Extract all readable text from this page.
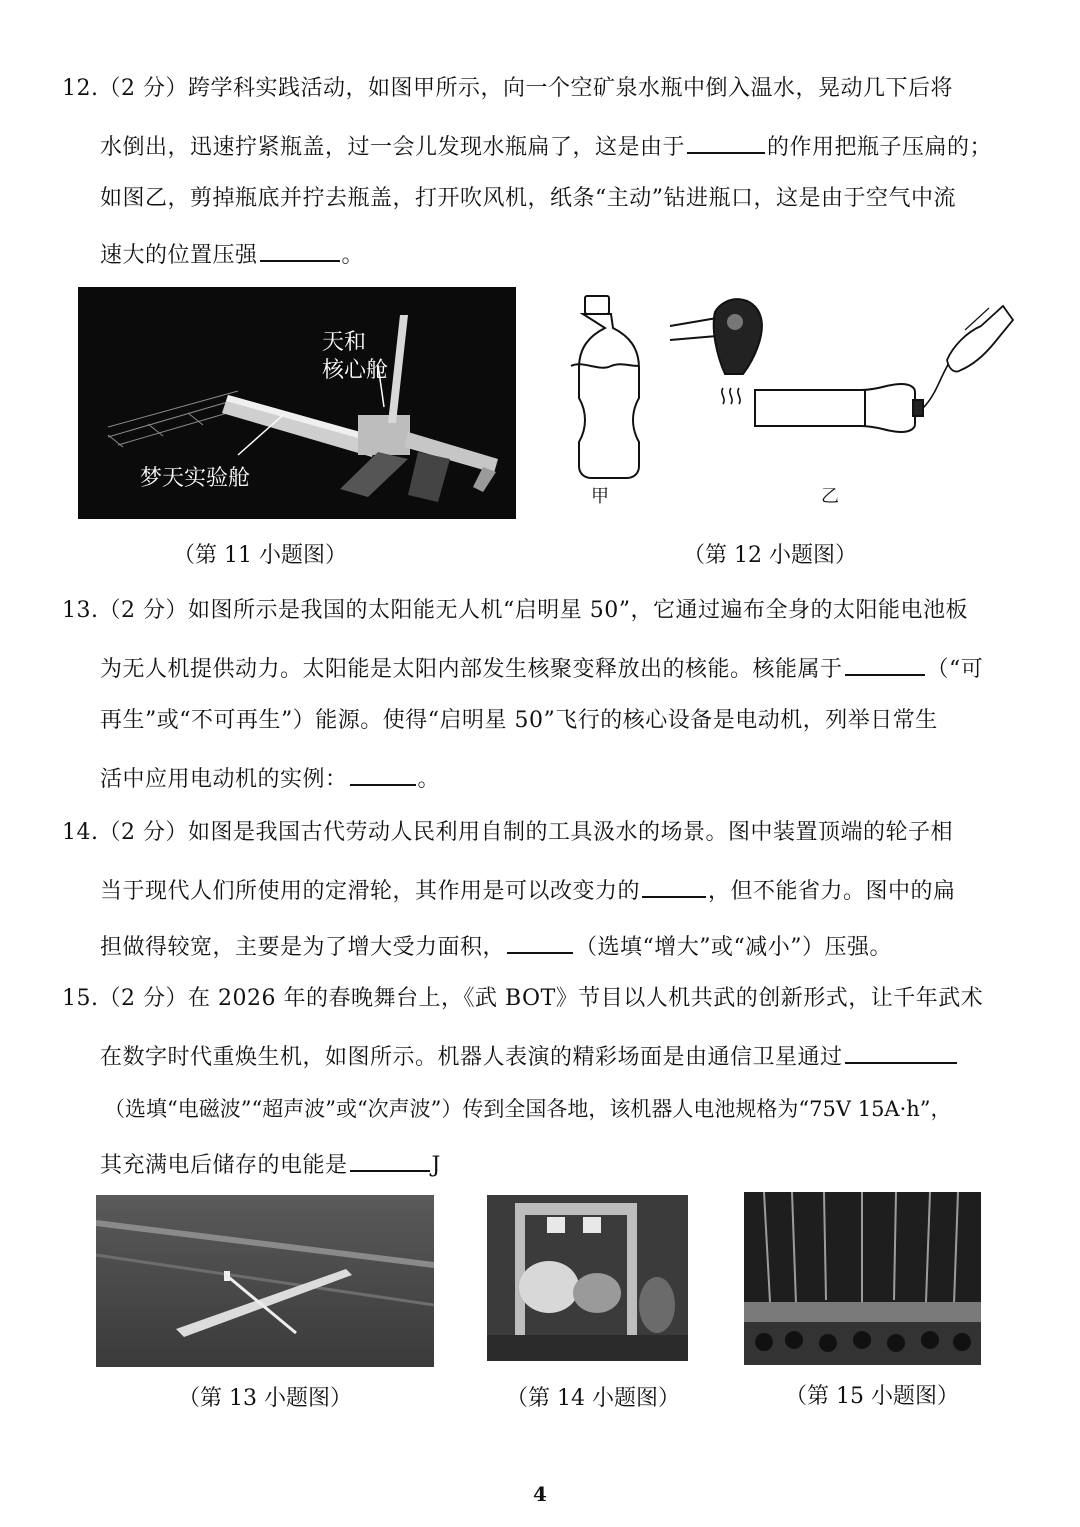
12.（2 分）跨学科实践活动，如图甲所示，向一个空矿泉水瓶中倒入温水，晃动几下后将
水倒出，迅速拧紧瓶盖，过一会儿发现水瓶扁了，这是由于	的作用把瓶子压扁的；
如图乙，剪掉瓶底并拧去瓶盖，打开吹风机，纸条“主动”钻进瓶口，这是由于空气中流
速大的位置压强	。
天和
核心舱
梦天实验舱
（第 11 小题图）
甲	乙
（第 12 小题图）
13.（2 分）如图所示是我国的太阳能无人机“启明星 50”，它通过遍布全身的太阳能电池板
为无人机提供动力。太阳能是太阳内部发生核聚变释放出的核能。核能属于	（“可
再生”或“不可再生”）能源。使得“启明星 50”飞行的核心设备是电动机，列举日常生
活中应用电动机的实例：	。
14.（2 分）如图是我国古代劳动人民利用自制的工具汲水的场景。图中装置顶端的轮子相
当于现代人们所使用的定滑轮，其作用是可以改变力的	，但不能省力。图中的扁
担做得较宽，主要是为了增大受力面积，	（选填“增大”或“减小”）压强。
15.（2 分）在 2026 年的春晚舞台上，《武 BOT》节目以人机共武的创新形式，让千年武术
在数字时代重焕生机，如图所示。机器人表演的精彩场面是由通信卫星通过
（选填“电磁波”“超声波”或“次声波”）传到全国各地，该机器人电池规格为“75V 15A·h”，
其充满电后储存的电能是	J
（第 13 小题图）	（第 14 小题图）	（第 15 小题图）
4
